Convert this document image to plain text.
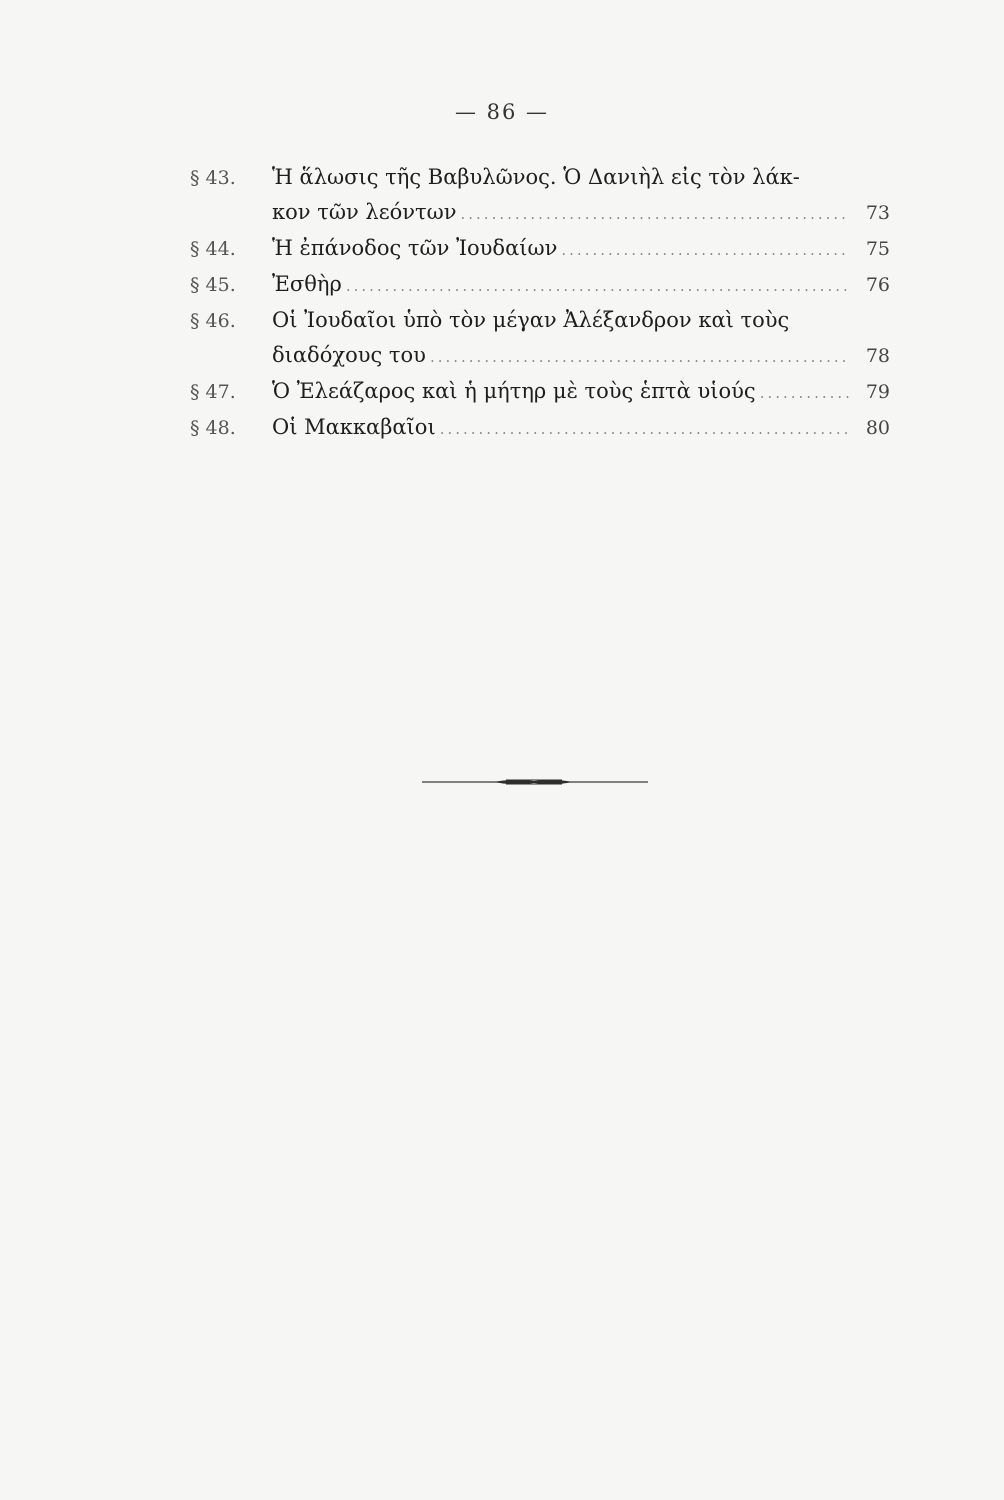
— 86 —
§ 43.	Ἡ ἅλωσις τῆς Βαβυλῶνος. Ὁ Δανιὴλ εἰς τὸν λάκ-
κον τῶν λεόντων .....	73
§ 44.	Ἡ ἐπάνοδος τῶν Ἰουδαίων .....	75
§ 45.	Ἐσθὴρ .....	76
§ 46.	Οἱ Ἰουδαῖοι ὑπὸ τὸν μέγαν Ἀλέξανδρον καὶ τοὺς
διαδόχους του .....	78
§ 47.	Ὁ Ἐλεάζαρος καὶ ἡ μήτηρ μὲ τοὺς ἑπτὰ υἱούς .....	79
§ 48.	Οἱ Μακκαβαῖοι .....	80
